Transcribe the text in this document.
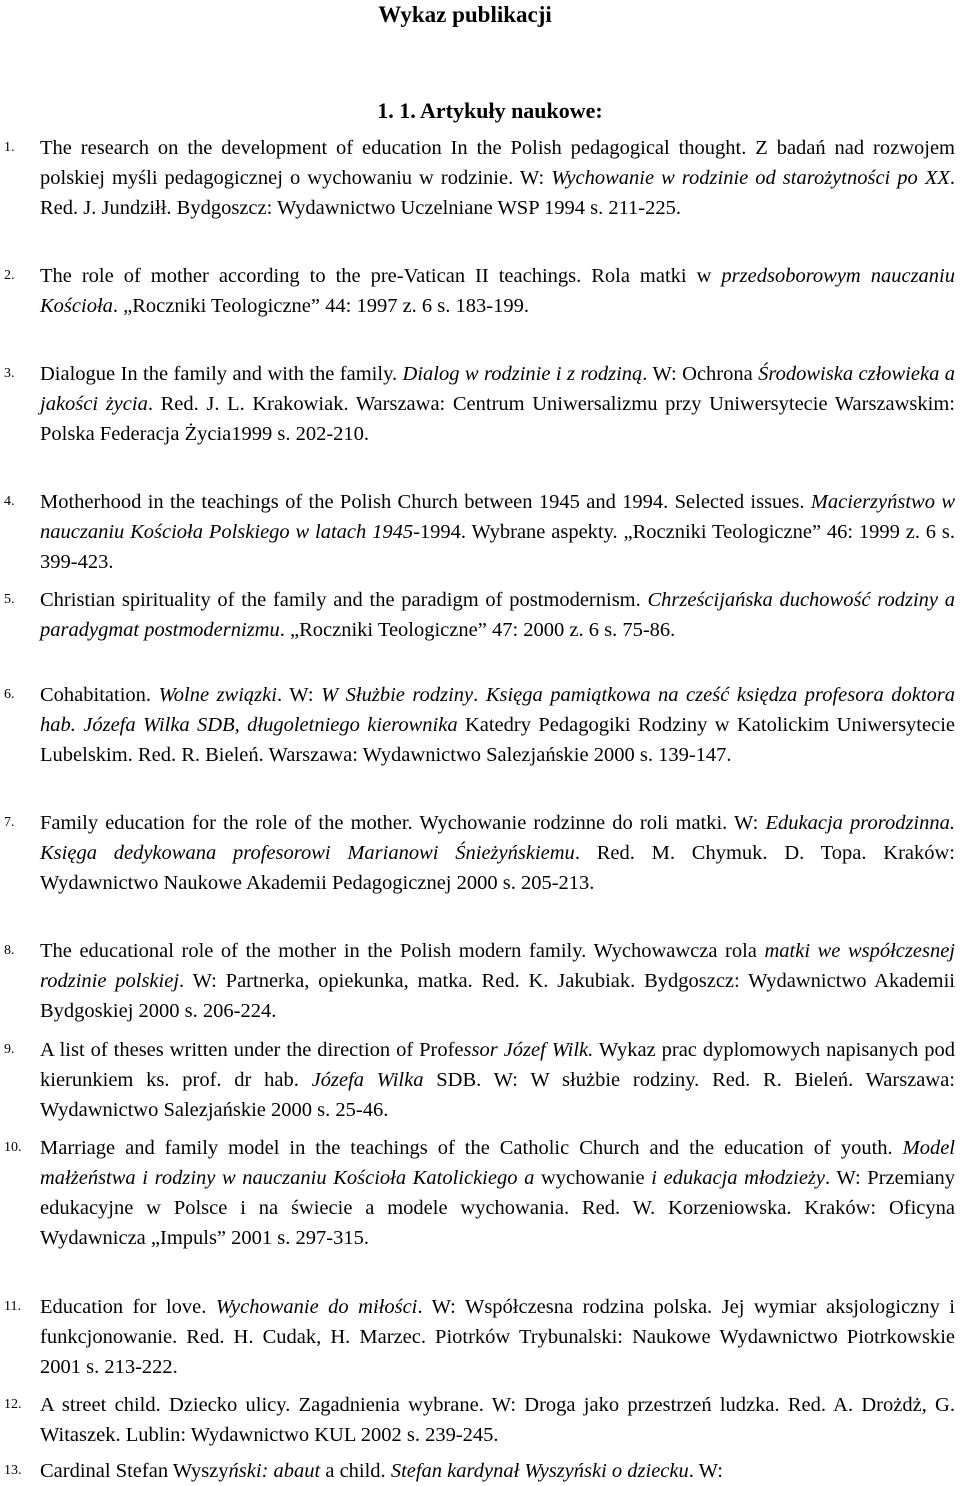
Wykaz publikacji
1. 1. Artykuły naukowe:
1. The research on the development of education In the Polish pedagogical thought. Z badań nad rozwojem polskiej myśli pedagogicznej o wychowaniu w rodzinie. W: Wychowanie w rodzinie od starożytności po XX. Red. J. Jundziłł. Bydgoszcz: Wydawnictwo Uczelniane WSP 1994 s. 211-225.
2. The role of mother according to the pre-Vatican II teachings. Rola matki w przedsoborowym nauczaniu Kościoła. „Roczniki Teologiczne” 44: 1997 z. 6 s. 183-199.
3. Dialogue In the family and with the family. Dialog w rodzinie i z rodziną. W: Ochrona Środowiska człowieka a jakości życia. Red. J. L. Krakowiak. Warszawa: Centrum Uniwersalizmu przy Uniwersytecie Warszawskim: Polska Federacja Życia1999 s. 202-210.
4. Motherhood in the teachings of the Polish Church between 1945 and 1994. Selected issues. Macierzyństwo w nauczaniu Kościoła Polskiego w latach 1945-1994. Wybrane aspekty. „Roczniki Teologiczne” 46: 1999 z. 6 s. 399-423.
5. Christian spirituality of the family and the paradigm of postmodernism. Chrześcijańska duchowość rodziny a paradygmat postmodernizmu. „Roczniki Teologiczne” 47: 2000 z. 6 s. 75-86.
6. Cohabitation. Wolne związki. W: W Służbie rodziny. Księga pamiątkowa na cześć księdza profesora doktora hab. Józefa Wilka SDB, długoletniego kierownika Katedry Pedagogiki Rodziny w Katolickim Uniwersytecie Lubelskim. Red. R. Bieleń. Warszawa: Wydawnictwo Salezjańskie 2000 s. 139-147.
7. Family education for the role of the mother. Wychowanie rodzinne do roli matki. W: Edukacja prorodzinna. Księga dedykowana profesorowi Marianowi Śnieżyńskiemu. Red. M. Chymuk. D. Topa. Kraków: Wydawnictwo Naukowe Akademii Pedagogicznej 2000 s. 205-213.
8. The educational role of the mother in the Polish modern family. Wychowawcza rola matki we współczesnej rodzinie polskiej. W: Partnerka, opiekunka, matka. Red. K. Jakubiak. Bydgoszcz: Wydawnictwo Akademii Bydgoskiej 2000 s. 206-224.
9. A list of theses written under the direction of Professor Józef Wilk. Wykaz prac dyplomowych napisanych pod kierunkiem ks. prof. dr hab. Józefa Wilka SDB. W: W służbie rodziny. Red. R. Bieleń. Warszawa: Wydawnictwo Salezjańskie 2000 s. 25-46.
10. Marriage and family model in the teachings of the Catholic Church and the education of youth. Model małżeństwa i rodziny w nauczaniu Kościoła Katolickiego a wychowanie i edukacja młodzieży. W: Przemiany edukacyjne w Polsce i na świecie a modele wychowania. Red. W. Korzeniowska. Kraków: Oficyna Wydawnicza „Impuls” 2001 s. 297-315.
11. Education for love. Wychowanie do miłości. W: Współczesna rodzina polska. Jej wymiar aksjologiczny i funkcjonowanie. Red. H. Cudak, H. Marzec. Piotrków Trybunalski: Naukowe Wydawnictwo Piotrkowskie 2001 s. 213-222.
12. A street child. Dziecko ulicy. Zagadnienia wybrane. W: Droga jako przestrzeń ludzka. Red. A. Drożdż, G. Witaszek. Lublin: Wydawnictwo KUL 2002 s. 239-245.
13. Cardinal Stefan Wyszyński: abaut a child. Stefan kardynał Wyszyński o dziecku. W:
